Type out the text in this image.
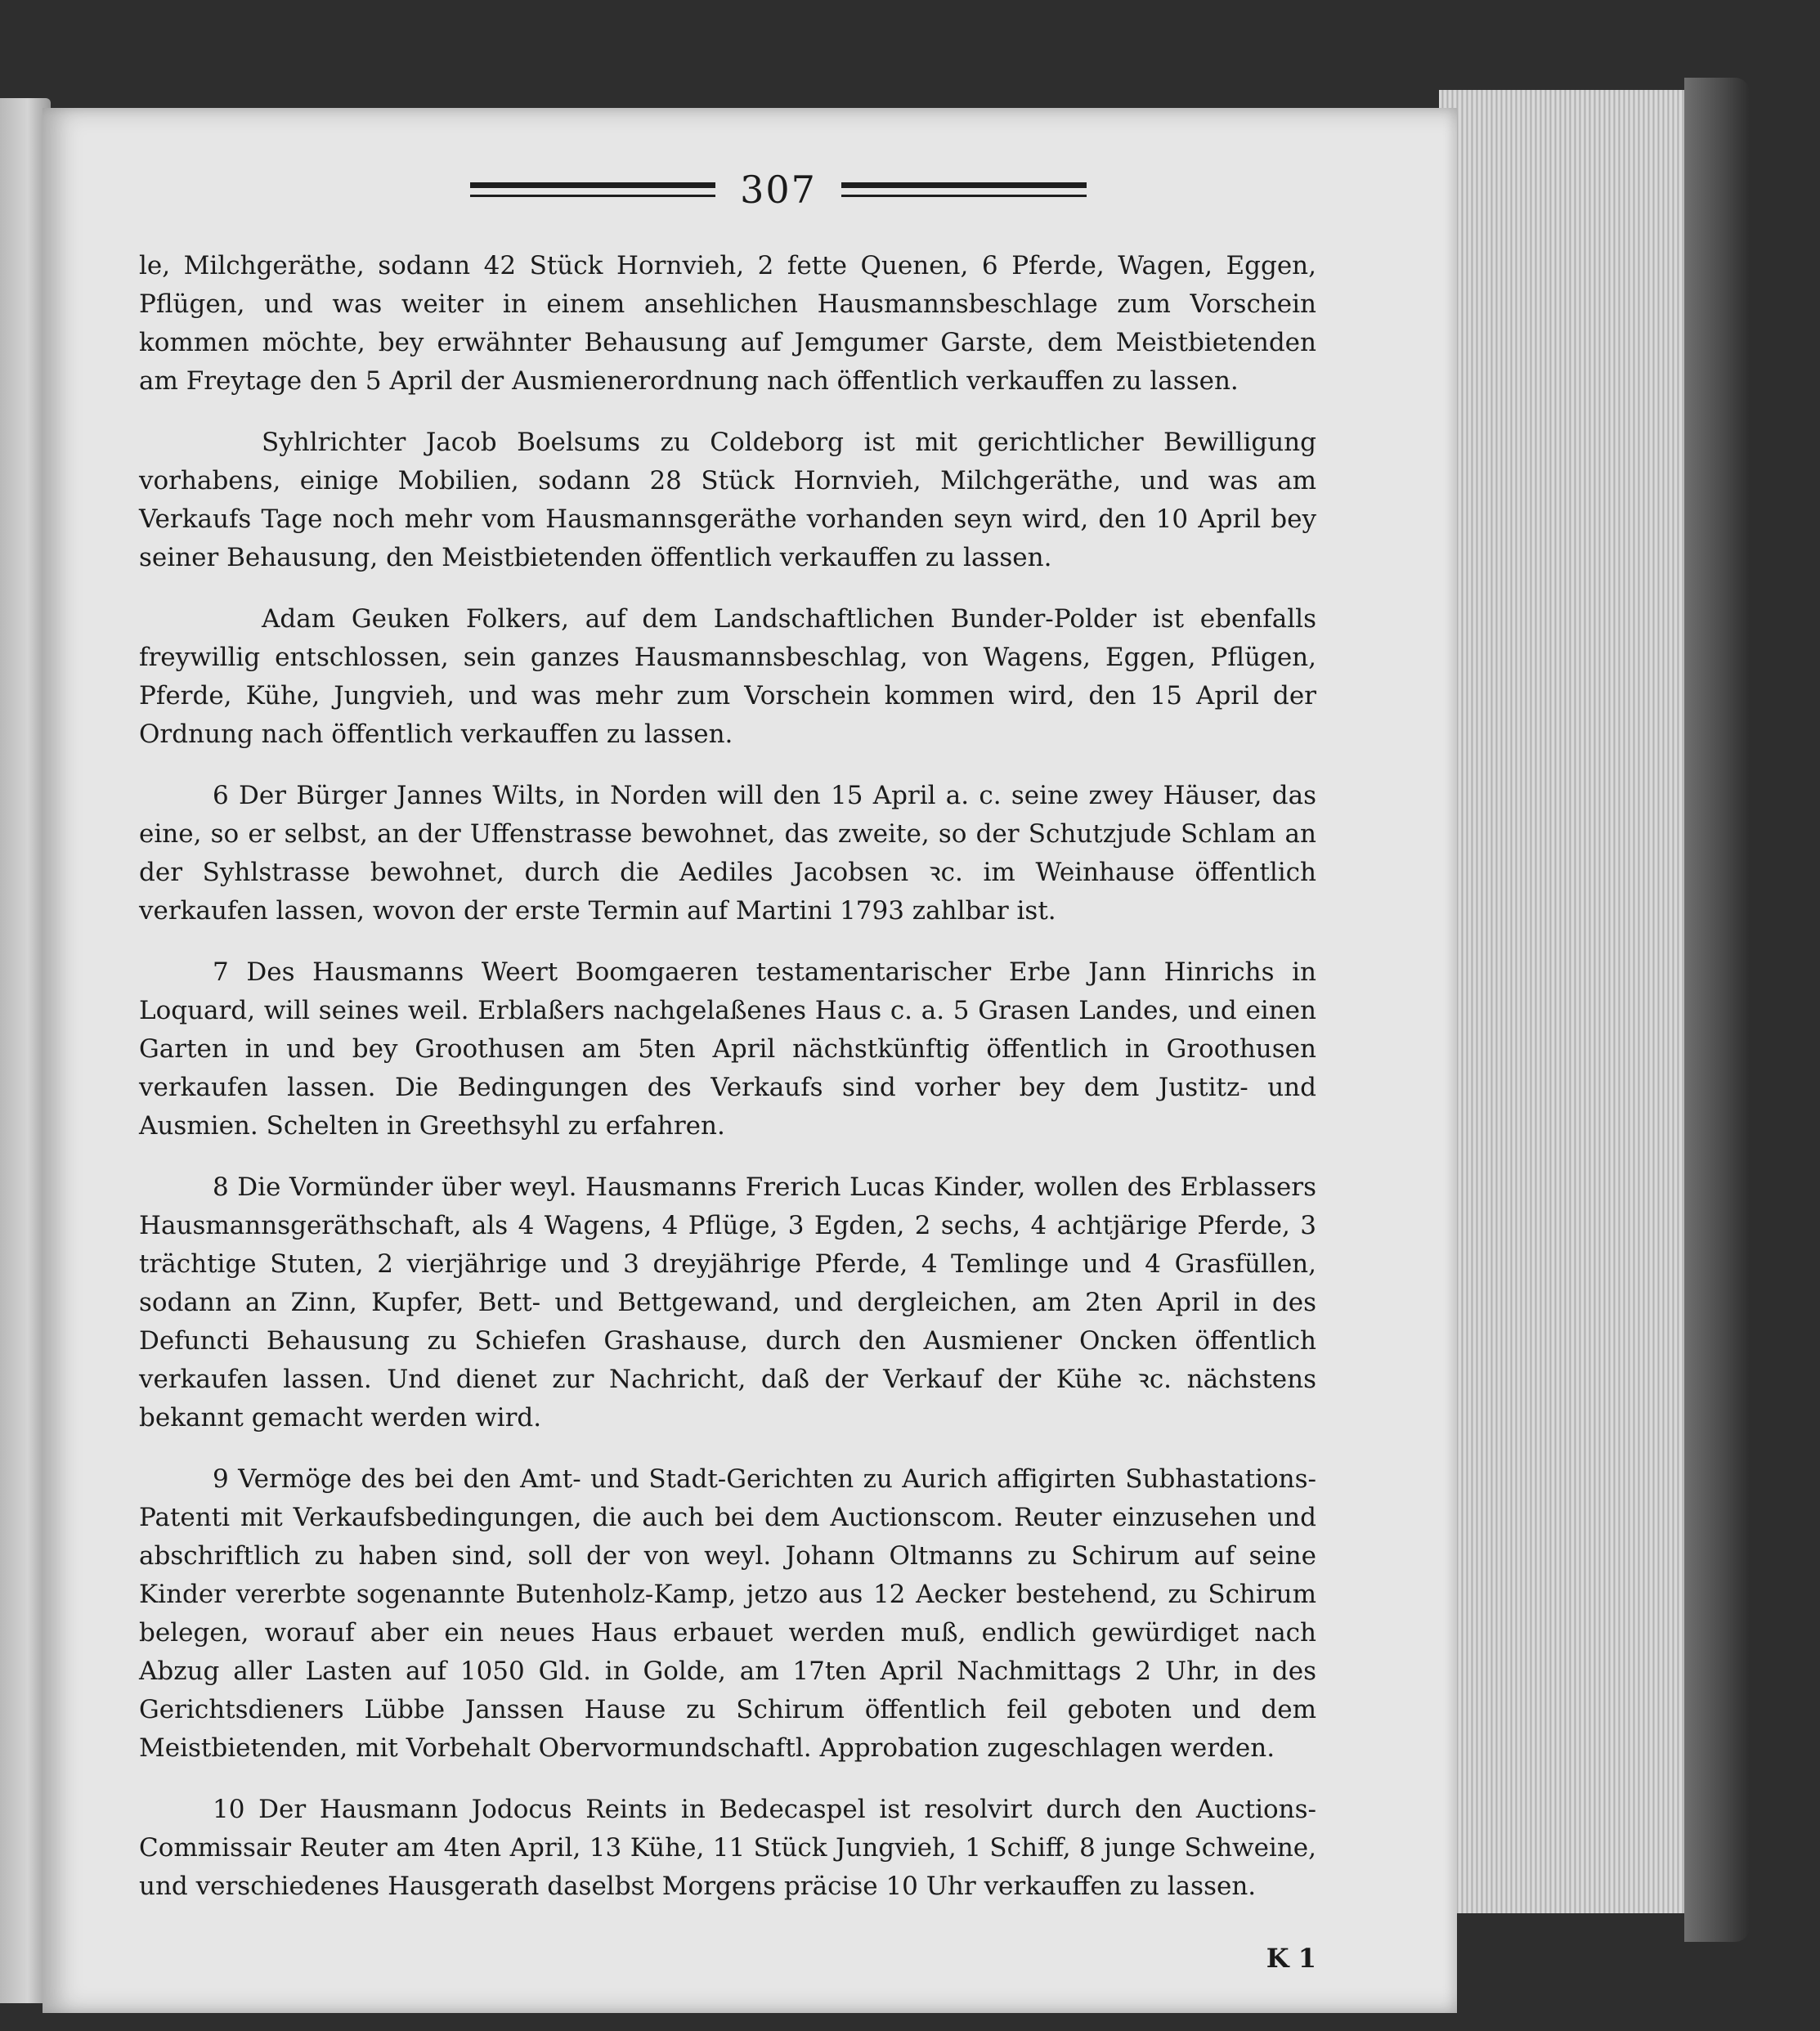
307

le, Milchgeräthe, sodann 42 Stück Hornvieh, 2 fette Quenen, 6 Pferde, Wagen, Eggen, Pflügen, und was weiter in einem ansehlichen Hausmannsbeschlage zum Vorschein kommen möchte, bey erwähnter Behausung auf Jemgumer Garste, dem Meistbietenden am Freytage den 5 April der Ausmienerordnung nach öffentlich verkauffen zu lassen.

Syhlrichter Jacob Boelsums zu Coldeborg ist mit gerichtlicher Bewilligung vorhabens, einige Mobilien, sodann 28 Stück Hornvieh, Milchgeräthe, und was am Verkaufs Tage noch mehr vom Hausmannsgeräthe vorhanden seyn wird, den 10 April bey seiner Behausung, den Meistbietenden öffentlich verkauffen zu lassen.

Adam Geuken Folkers, auf dem Landschaftlichen Bunder-Polder ist ebenfalls freywillig entschlossen, sein ganzes Hausmannsbeschlag, von Wagens, Eggen, Pflügen, Pferde, Kühe, Jungvieh, und was mehr zum Vorschein kommen wird, den 15 April der Ordnung nach öffentlich verkauffen zu lassen.

6 Der Bürger Jannes Wilts, in Norden will den 15 April a. c. seine zwey Häuser, das eine, so er selbst, an der Uffenstrasse bewohnet, das zweite, so der Schutzjude Schlam an der Syhlstrasse bewohnet, durch die Aediles Jacobsen ꝛc. im Weinhause öffentlich verkaufen lassen, wovon der erste Termin auf Martini 1793 zahlbar ist.

7 Des Hausmanns Weert Boomgaeren testamentarischer Erbe Jann Hinrichs in Loquard, will seines weil. Erblaßers nachgelaßenes Haus c. a. 5 Grasen Landes, und einen Garten in und bey Groothusen am 5ten April nächstkünftig öffentlich in Groothusen verkaufen lassen. Die Bedingungen des Verkaufs sind vorher bey dem Justitz- und Ausmien. Schelten in Greethsyhl zu erfahren.

8 Die Vormünder über weyl. Hausmanns Frerich Lucas Kinder, wollen des Erblassers Hausmannsgeräthschaft, als 4 Wagens, 4 Pflüge, 3 Egden, 2 sechs, 4 achtjärige Pferde, 3 trächtige Stuten, 2 vierjährige und 3 dreyjährige Pferde, 4 Temlinge und 4 Grasfüllen, sodann an Zinn, Kupfer, Bett- und Bettgewand, und dergleichen, am 2ten April in des Defuncti Behausung zu Schiefen Grashause, durch den Ausmiener Oncken öffentlich verkaufen lassen. Und dienet zur Nachricht, daß der Verkauf der Kühe ꝛc. nächstens bekannt gemacht werden wird.

9 Vermöge des bei den Amt- und Stadt-Gerichten zu Aurich affigirten Subhastations-Patenti mit Verkaufsbedingungen, die auch bei dem Auctionscom. Reuter einzusehen und abschriftlich zu haben sind, soll der von weyl. Johann Oltmanns zu Schirum auf seine Kinder vererbte sogenannte Butenholz-Kamp, jetzo aus 12 Aecker bestehend, zu Schirum belegen, worauf aber ein neues Haus erbauet werden muß, endlich gewürdiget nach Abzug aller Lasten auf 1050 Gld. in Golde, am 17ten April Nachmittags 2 Uhr, in des Gerichtsdieners Lübbe Janssen Hause zu Schirum öffentlich feil geboten und dem Meistbietenden, mit Vorbehalt Obervormundschaftl. Approbation zugeschlagen werden.

10 Der Hausmann Jodocus Reints in Bedecaspel ist resolvirt durch den Auctions-Commissair Reuter am 4ten April, 13 Kühe, 11 Stück Jungvieh, 1 Schiff, 8 junge Schweine, und verschiedenes Hausgerath daselbst Morgens präcise 10 Uhr verkauffen zu lassen.

K 1
